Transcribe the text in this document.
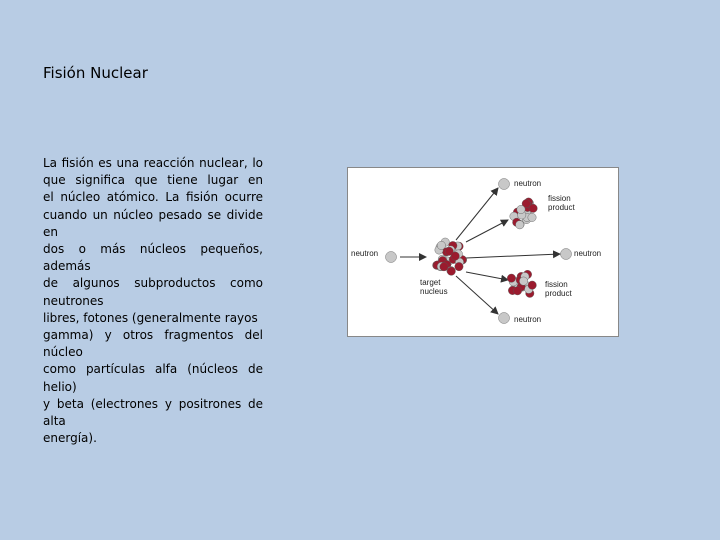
Fisión Nuclear
La fisión es una reacción nuclear, lo
que significa que tiene lugar en
el núcleo atómico. La fisión ocurre
cuando un núcleo pesado se divide en
dos o más núcleos pequeños, además
de algunos subproductos como
neutrones
libres, fotones (generalmente rayos
gamma) y otros fragmentos del núcleo
como partículas alfa (núcleos de helio)
y beta (electrones y positrones de alta
energía).
neutron
target
nucleus
neutron
fission
product
neutron
fission
product
neutron
